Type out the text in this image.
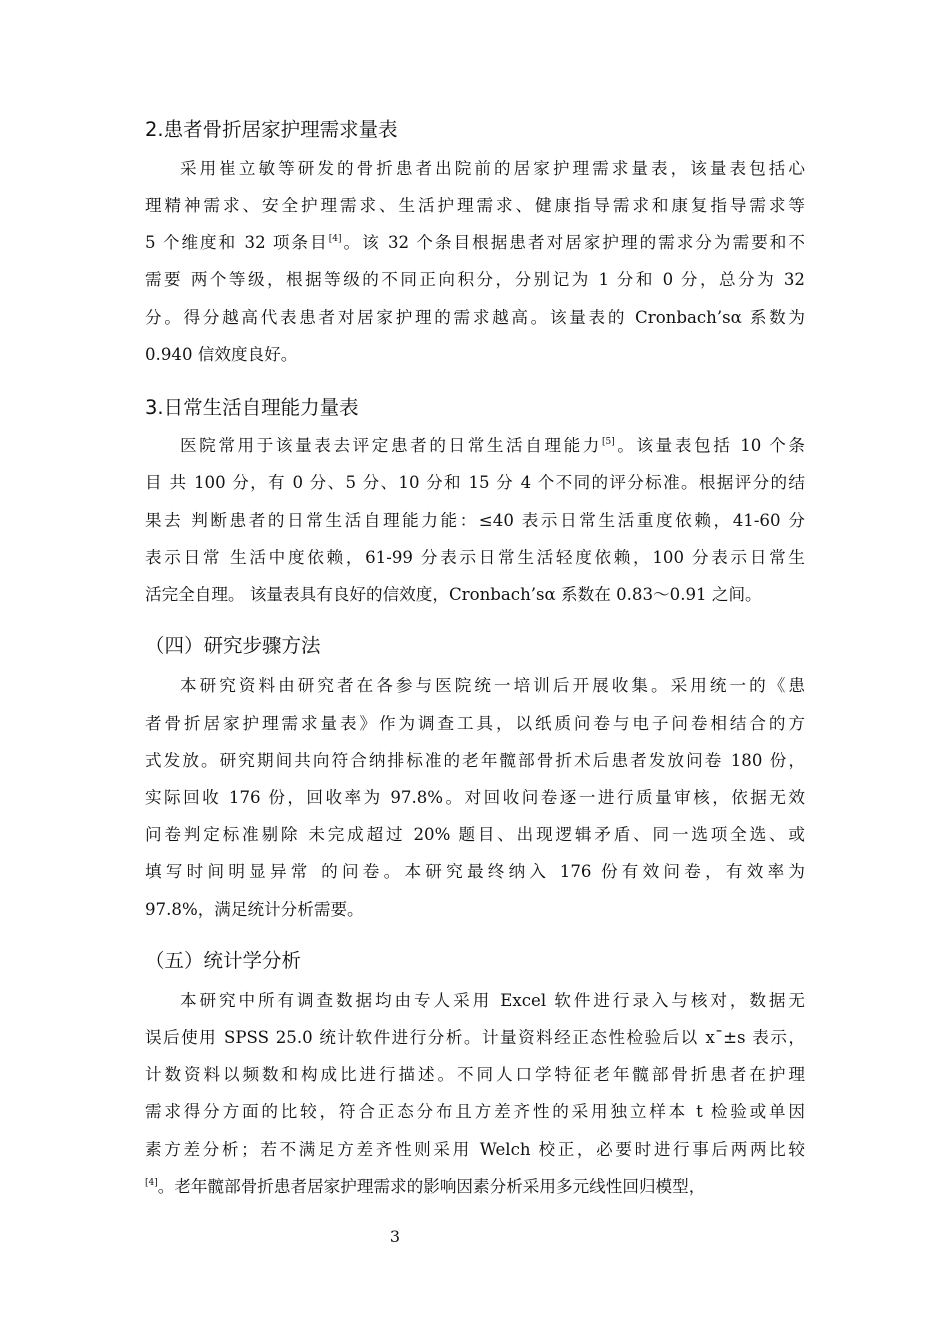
2.患者骨折居家护理需求量表
采用崔立敏等研发的骨折患者出院前的居家护理需求量表，该量表包括心
理精神需求、安全护理需求、生活护理需求、健康指导需求和康复指导需求等
5 个维度和 32 项条目[4]。该 32 个条目根据患者对居家护理的需求分为需要和不
需要 两个等级，根据等级的不同正向积分，分别记为 1 分和 0 分，总分为 32
分。得分越高代表患者对居家护理的需求越高。该量表的 Cronbach’sα 系数为
0.940 信效度良好。
3.日常生活自理能力量表
医院常用于该量表去评定患者的日常生活自理能力[5]。该量表包括 10 个条
目 共 100 分，有 0 分、5 分、10 分和 15 分 4 个不同的评分标准。根据评分的结
果去 判断患者的日常生活自理能力能：≤40 表示日常生活重度依赖，41-60 分
表示日常 生活中度依赖，61-99 分表示日常生活轻度依赖，100 分表示日常生
活完全自理。 该量表具有良好的信效度，Cronbach’sα 系数在 0.83～0.91 之间。
（四）研究步骤方法
本研究资料由研究者在各参与医院统一培训后开展收集。采用统一的《患
者骨折居家护理需求量表》作为调查工具，以纸质问卷与电子问卷相结合的方
式发放。研究期间共向符合纳排标准的老年髋部骨折术后患者发放问卷 180 份，
实际回收 176 份，回收率为 97.8%。对回收问卷逐一进行质量审核，依据无效
问卷判定标准剔除 未完成超过 20% 题目、出现逻辑矛盾、同一选项全选、或
填写时间明显异常 的问卷。本研究最终纳入 176 份有效问卷，有效率为
97.8%，满足统计分析需要。
（五）统计学分析
本研究中所有调查数据均由专人采用 Excel 软件进行录入与核对，数据无
误后使用 SPSS 25.0 统计软件进行分析。计量资料经正态性检验后以 x¯±s 表示，
计数资料以频数和构成比进行描述。不同人口学特征老年髋部骨折患者在护理
需求得分方面的比较，符合正态分布且方差齐性的采用独立样本 t 检验或单因
素方差分析；若不满足方差齐性则采用 Welch 校正，必要时进行事后两两比较
[4]。老年髋部骨折患者居家护理需求的影响因素分析采用多元线性回归模型，
3
